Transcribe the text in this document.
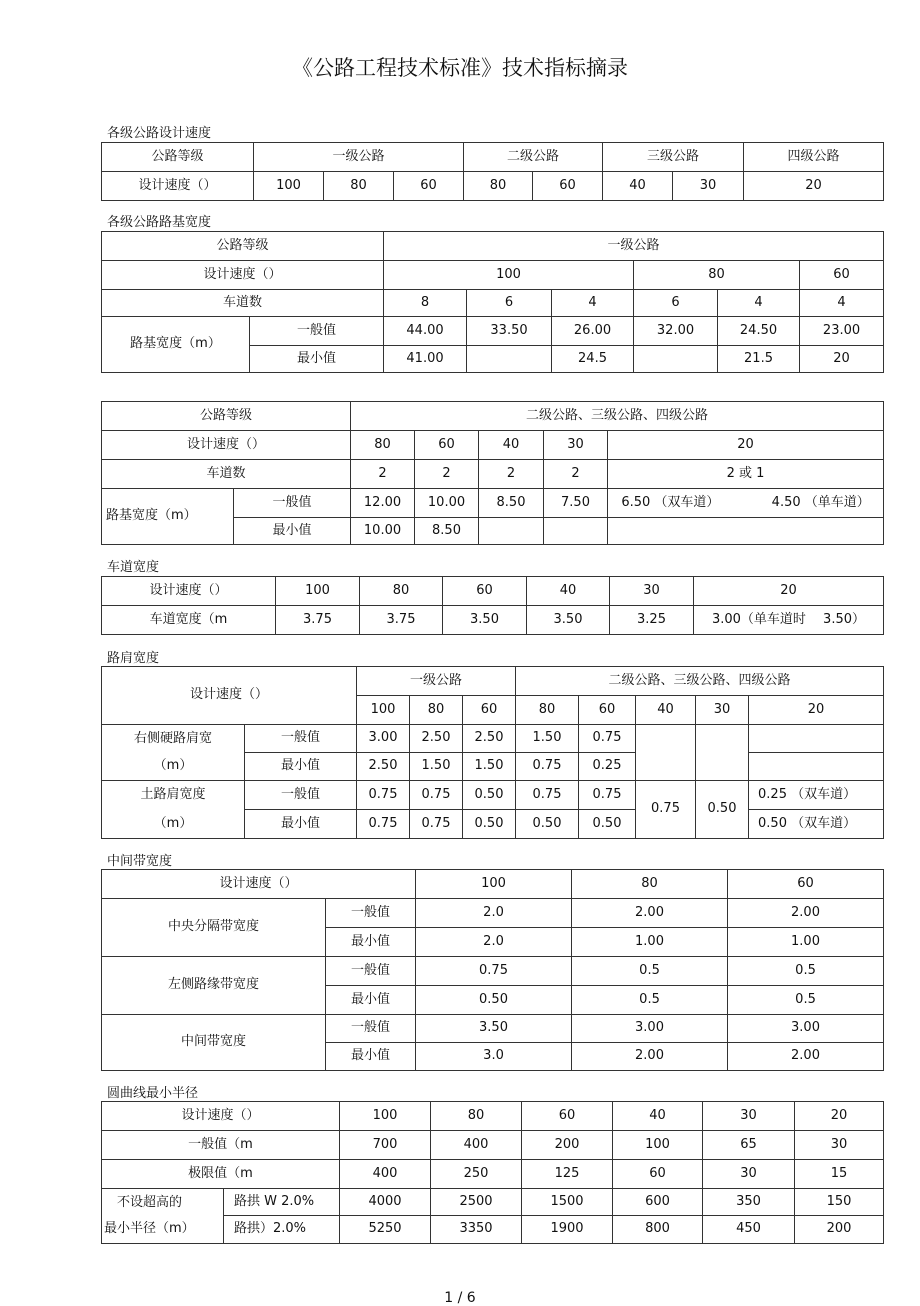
《公路工程技术标准》技术指标摘录
各级公路设计速度
公路等级	一级公路			二级公路		三级公路		四级公路
设计速度（）	100	80	60	80	60	40	30	20
各级公路路基宽度
公路等级		一级公路					
设计速度（）		100			80		60
车道数		8	6	4	6	4	4
路基宽度（m）	一般值	44.00	33.50	26.00	32.00	24.50	23.00
	最小值	41.00		24.5		21.5	20
公路等级		二级公路、三级公路、四级公路				
设计速度（）		80	60	40	30	20
车道数		2	2	2	2	2 或 1
路基宽度（m）	一般值	12.00	10.00	8.50	7.50	6.50 （双车道） 4.50 （单车道）
	最小值	10.00	8.50			
车道宽度
设计速度（）	100	80	60	40	30	20
车道宽度（m	3.75	3.75	3.50	3.50	3.25	3.00（单车道时　 3.50）
路肩宽度
设计速度（）		一级公路			二级公路、三级公路、四级公路				
		100	80	60	80	60	40	30	20

右侧硬路肩宽
（m）	一般值	3.00	2.50	2.50	1.50	0.75			
	最小值	2.50	1.50	1.50	0.75	0.25			

土路肩宽度
（m）	一般值	0.75	0.75	0.50	0.75	0.75	0.75	0.50	0.25 （双车道）
	最小值	0.75	0.75	0.50	0.50	0.50			0.50 （双车道）
中间带宽度
设计速度（）		100	80	60
中央分隔带宽度	一般值	2.0	2.00	2.00
	最小值	2.0	1.00	1.00
左侧路缘带宽度	一般值	0.75	0.5	0.5
	最小值	0.50	0.5	0.5
中间带宽度	一般值	3.50	3.00	3.00
	最小值	3.0	2.00	2.00
圆曲线最小半径
设计速度（）		100	80	60	40	30	20
一般值（m		700	400	200	100	65	30
极限值（m		400	250	125	60	30	15

不设超高的
最小半径（m）	路拱 W 2.0%	4000	2500	1500	600	350	150
	路拱）2.0%	5250	3350	1900	800	450	200
1 / 6
